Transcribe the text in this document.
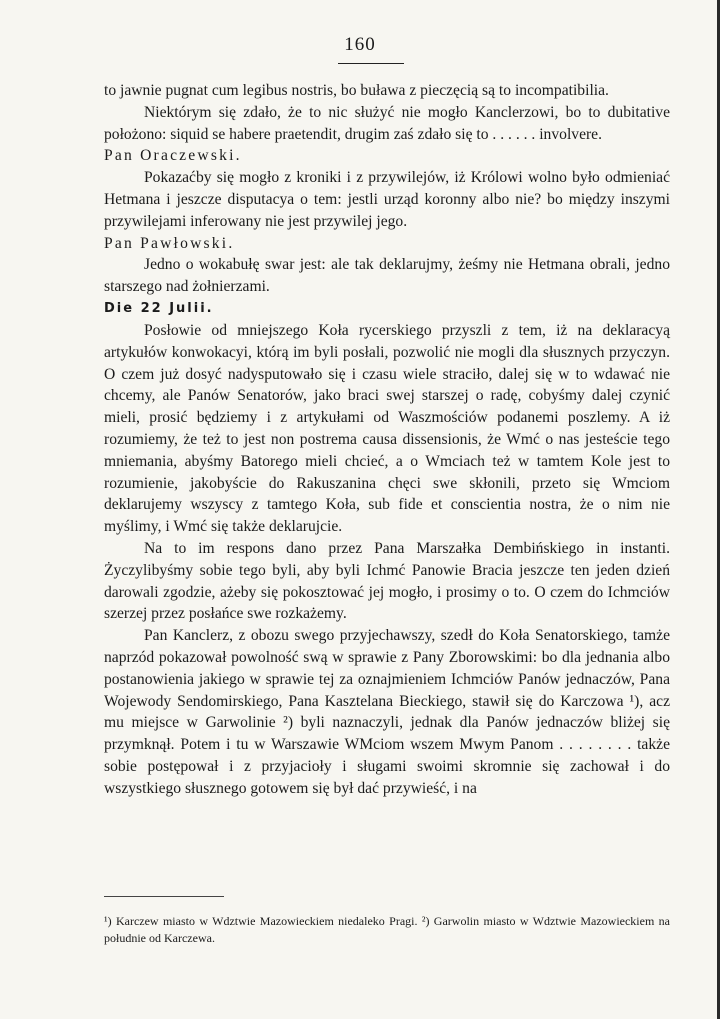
160

to jawnie pugnat cum legibus nostris, bo buława z pieczęcią są to incompatibilia.

Niektórym się zdało, że to nic służyć nie mogło Kanclerzowi, bo to dubitative położono: siquid se habere praetendit, drugim zaś zdało się to . . . . . . involvere.

Pan Oraczewski.

Pokazaćby się mogło z kroniki i z przywilejów, iż Królowi wolno było odmieniać Hetmana i jeszcze disputacya o tem: jestli urząd koronny albo nie? bo między inszymi przywilejami inferowany nie jest przywilej jego.

Pan Pawłowski.

Jedno o wokabułę swar jest: ale tak deklarujmy, żeśmy nie Hetmana obrali, jedno starszego nad żołnierzami.

Die 22 Julii.

Posłowie od mniejszego Koła rycerskiego przyszli z tem, iż na deklaracyą artykułów konwokacyi, którą im byli posłali, pozwolić nie mogli dla słusznych przyczyn. O czem już dosyć nadysputowało się i czasu wiele straciło, dalej się w to wdawać nie chcemy, ale Panów Senatorów, jako braci swej starszej o radę, cobyśmy dalej czynić mieli, prosić będziemy i z artykułami od Waszmościów podanemi poszlemy. A iż rozumiemy, że też to jest non postrema causa dissensionis, że Wmć o nas jesteście tego mniemania, abyśmy Batorego mieli chcieć, a o Wmciach też w tamtem Kole jest to rozumienie, jakobyście do Rakuszanina chęci swe skłonili, przeto się Wmciom deklarujemy wszyscy z tamtego Koła, sub fide et conscientia nostra, że o nim nie myślimy, i Wmć się także deklarujcie.

Na to im respons dano przez Pana Marszałka Dembińskiego in instanti. Życzylibyśmy sobie tego byli, aby byli Ichmć Panowie Bracia jeszcze ten jeden dzień darowali zgodzie, ażeby się pokosztować jej mogło, i prosimy o to. O czem do Ichmciów szerzej przez posłańce swe rozkażemy.

Pan Kanclerz, z obozu swego przyjechawszy, szedł do Koła Senatorskiego, tamże naprzód pokazował powolność swą w sprawie z Pany Zborowskimi: bo dla jednania albo postanowienia jakiego w sprawie tej za oznajmieniem Ichmciów Panów jednaczów, Pana Wojewody Sendomirskiego, Pana Kasztelana Bieckiego, stawił się do Karczowa ¹), acz mu miejsce w Garwolinie ²) byli naznaczyli, jednak dla Panów jednaczów bliżej się przymknął. Potem i tu w Warszawie WMciom wszem Mwym Panom . . . . . . . . także sobie postępował i z przyjacioły i sługami swoimi skromnie się zachował i do wszystkiego słusznego gotowem się był dać przywieść, i na

¹) Karczew miasto w Wdztwie Mazowieckiem niedaleko Pragi. ²) Garwolin miasto w Wdztwie Mazowieckiem na południe od Karczewa.
